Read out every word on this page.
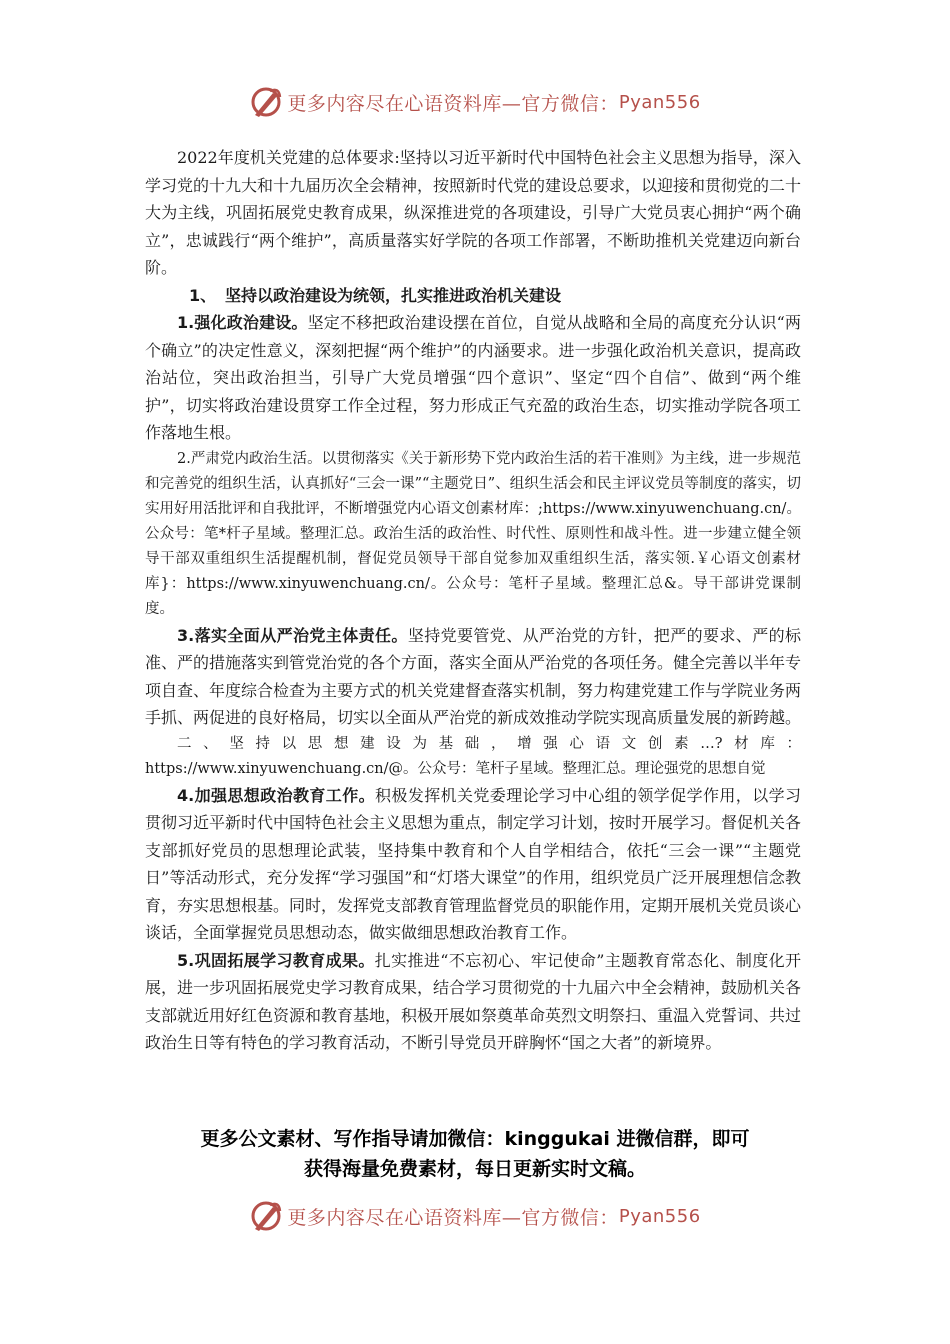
更多内容尽在心语资料库—官方微信： Pyan556

2022年度机关党建的总体要求:坚持以习近平新时代中国特色社会主义思想为指导，深入学习党的十九大和十九届历次全会精神，按照新时代党的建设总要求，以迎接和贯彻党的二十大为主线，巩固拓展党史教育成果，纵深推进党的各项建设，引导广大党员衷心拥护“两个确立”，忠诚践行“两个维护”，高质量落实好学院的各项工作部署，不断助推机关党建迈向新台阶。

1、 坚持以政治建设为统领，扎实推进政治机关建设

1.强化政治建设。坚定不移把政治建设摆在首位，自觉从战略和全局的高度充分认识“两个确立”的决定性意义，深刻把握“两个维护”的内涵要求。进一步强化政治机关意识，提高政治站位，突出政治担当，引导广大党员增强“四个意识”、坚定“四个自信”、做到“两个维护”，切实将政治建设贯穿工作全过程，努力形成正气充盈的政治生态，切实推动学院各项工作落地生根。

2.严肃党内政治生活。以贯彻落实《关于新形势下党内政治生活的若干准则》为主线，进一步规范和完善党的组织生活，认真抓好“三会一课”“主题党日”、组织生活会和民主评议党员等制度的落实，切实用好用活批评和自我批评，不断增强党内心语文创素材库：;https://www.xinyuwenchuang.cn/。公众号：笔*杆子星域。整理汇总。政治生活的政治性、时代性、原则性和战斗性。进一步建立健全领导干部双重组织生活提醒机制，督促党员领导干部自觉参加双重组织生活，落实领.￥心语文创素材库}：https://www.xinyuwenchuang.cn/。公众号：笔杆子星域。整理汇总&。导干部讲党课制度。

3.落实全面从严治党主体责任。坚持党要管党、从严治党的方针，把严的要求、严的标准、严的措施落实到管党治党的各个方面，落实全面从严治党的各项任务。健全完善以半年专项自查、年度综合检查为主要方式的机关党建督查落实机制，努力构建党建工作与学院业务两手抓、两促进的良好格局，切实以全面从严治党的新成效推动学院实现高质量发展的新跨越。

二、坚持以思想建设为基础，增强心语文创素…?材库：https://www.xinyuwenchuang.cn/@。公众号：笔杆子星域。整理汇总。理论强党的思想自觉

4.加强思想政治教育工作。积极发挥机关党委理论学习中心组的领学促学作用，以学习贯彻习近平新时代中国特色社会主义思想为重点，制定学习计划，按时开展学习。督促机关各支部抓好党员的思想理论武装，坚持集中教育和个人自学相结合，依托“三会一课”“主题党日”等活动形式，充分发挥“学习强国”和“灯塔大课堂”的作用，组织党员广泛开展理想信念教育，夯实思想根基。同时，发挥党支部教育管理监督党员的职能作用，定期开展机关党员谈心谈话，全面掌握党员思想动态，做实做细思想政治教育工作。

5.巩固拓展学习教育成果。扎实推进“不忘初心、牢记使命”主题教育常态化、制度化开展，进一步巩固拓展党史学习教育成果，结合学习贯彻党的十九届六中全会精神，鼓励机关各支部就近用好红色资源和教育基地，积极开展如祭奠革命英烈文明祭扫、重温入党誓词、共过政治生日等有特色的学习教育活动，不断引导党员开辟胸怀“国之大者”的新境界。

更多公文素材、写作指导请加微信：kinggukai 进微信群，即可
获得海量免费素材，每日更新实时文稿。
更多内容尽在心语资料库—官方微信： Pyan556
